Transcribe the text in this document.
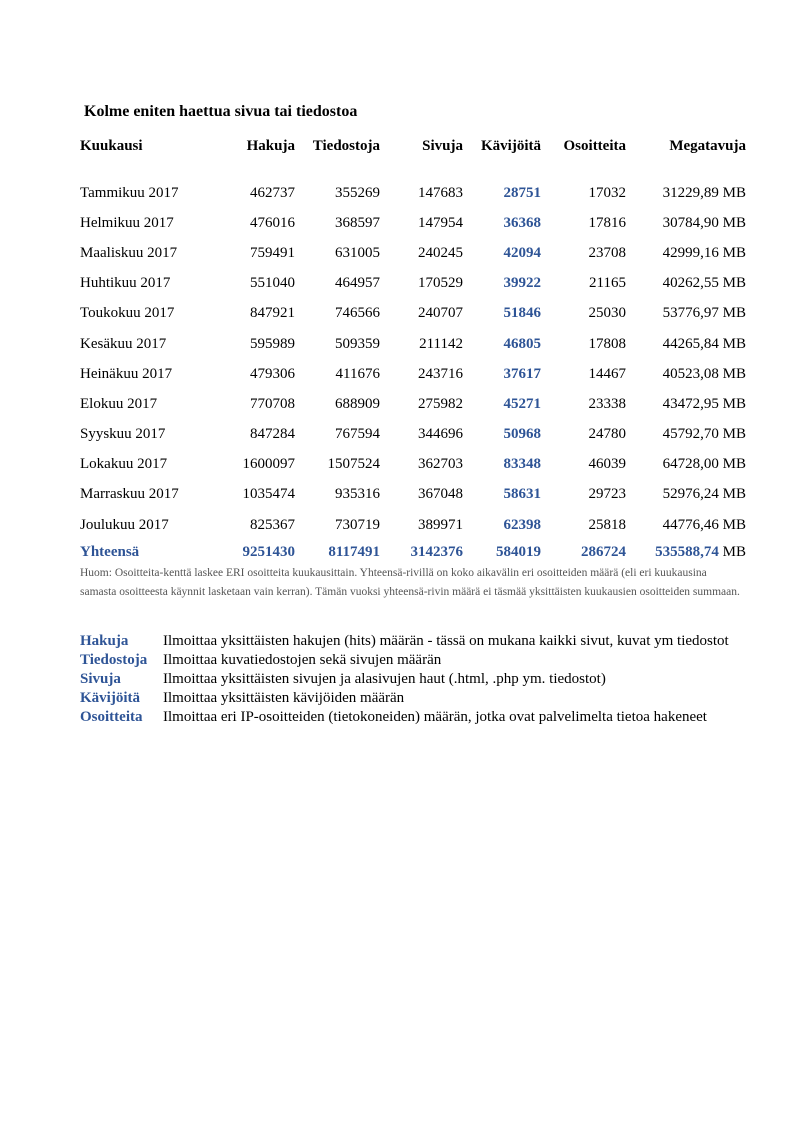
Kolme eniten haettua sivua tai tiedostoa
Kuukausi	Hakuja	Tiedostoja	Sivuja	Kävijöitä	Osoitteita	Megatavuja

Tammikuu 2017	462737	355269	147683	28751	17032	31229,89 MB
Helmikuu 2017	476016	368597	147954	36368	17816	30784,90 MB
Maaliskuu 2017	759491	631005	240245	42094	23708	42999,16 MB
Huhtikuu 2017	551040	464957	170529	39922	21165	40262,55 MB
Toukokuu 2017	847921	746566	240707	51846	25030	53776,97 MB
Kesäkuu 2017	595989	509359	211142	46805	17808	44265,84 MB
Heinäkuu 2017	479306	411676	243716	37617	14467	40523,08 MB
Elokuu 2017	770708	688909	275982	45271	23338	43472,95 MB
Syyskuu 2017	847284	767594	344696	50968	24780	45792,70 MB
Lokakuu 2017	1600097	1507524	362703	83348	46039	64728,00 MB
Marraskuu 2017	1035474	935316	367048	58631	29723	52976,24 MB
Joulukuu 2017	825367	730719	389971	62398	25818	44776,46 MB
Yhteensä	9251430	8117491	3142376	584019	286724	535588,74 MB
Huom: Osoitteita-kenttä laskee ERI osoitteita kuukausittain. Yhteensä-rivillä on koko aikavälin eri osoitteiden määrä (eli eri kuukausina samasta osoitteesta käynnit lasketaan vain kerran). Tämän vuoksi yhteensä-rivin määrä ei täsmää yksittäisten kuukausien osoitteiden summaan.
Hakuja	Ilmoittaa yksittäisten hakujen (hits) määrän - tässä on mukana kaikki sivut, kuvat ym tiedostot
Tiedostoja	Ilmoittaa kuvatiedostojen sekä sivujen määrän
Sivuja	Ilmoittaa yksittäisten sivujen ja alasivujen haut (.html, .php ym. tiedostot)
Kävijöitä	Ilmoittaa yksittäisten kävijöiden määrän
Osoitteita	Ilmoittaa eri IP-osoitteiden (tietokoneiden) määrän, jotka ovat palvelimelta tietoa hakeneet
